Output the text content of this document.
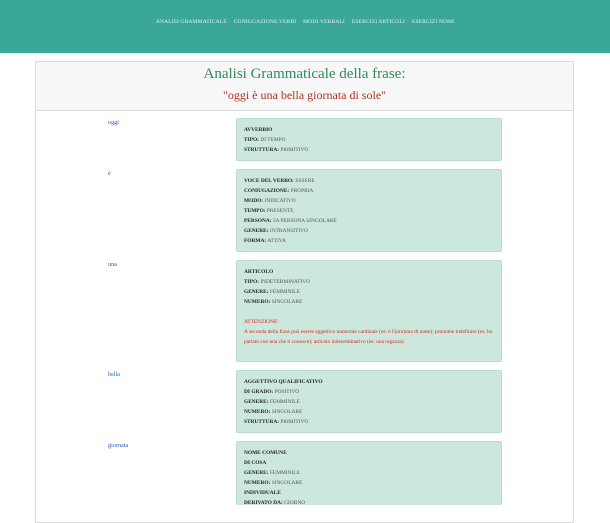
ANALISI GRAMMATICALE CONIUGAZIONE VERBI MODI VERBALI ESERCIZI ARTICOLI ESERCIZI NOMI
Analisi Grammaticale della frase:
"oggi è una bella giornata di sole"
oggi
AVVERBIO
TIPO: DI TEMPO
STRUTTURA: PRIMITIVO
è
VOCE DEL VERBO: ESSERE
CONIUGAZIONE: PROPRIA
MODO: INDICATIVO
TEMPO: PRESENTE
PERSONA: 3A PERSONA SINGOLARE
GENERE: INTRANSITIVO
FORMA: ATTIVA
una
ARTICOLO
TIPO: INDETERMINATIVO
GENERE: FEMMINILE
NUMERO: SINGOLARE
ATTENZIONE:
A seconda della frase può essere aggettivo numerale cardinale (es: è l'(ora)una di notte); pronome indefinito (es: ho parlato con una che ti conosce); articolo indeterminativo (es: una ragazza).
bella
AGGETTIVO QUALIFICATIVO
DI GRADO: POSITIVO
GENERE: FEMMINILE
NUMERO: SINGOLARE
STRUTTURA: PRIMITIVO
giornata
NOME COMUNE
DI COSA
GENERE: FEMMINILE
NUMERO: SINGOLARE
INDIVIDUALE
DERIVATO DA: GIORNO
